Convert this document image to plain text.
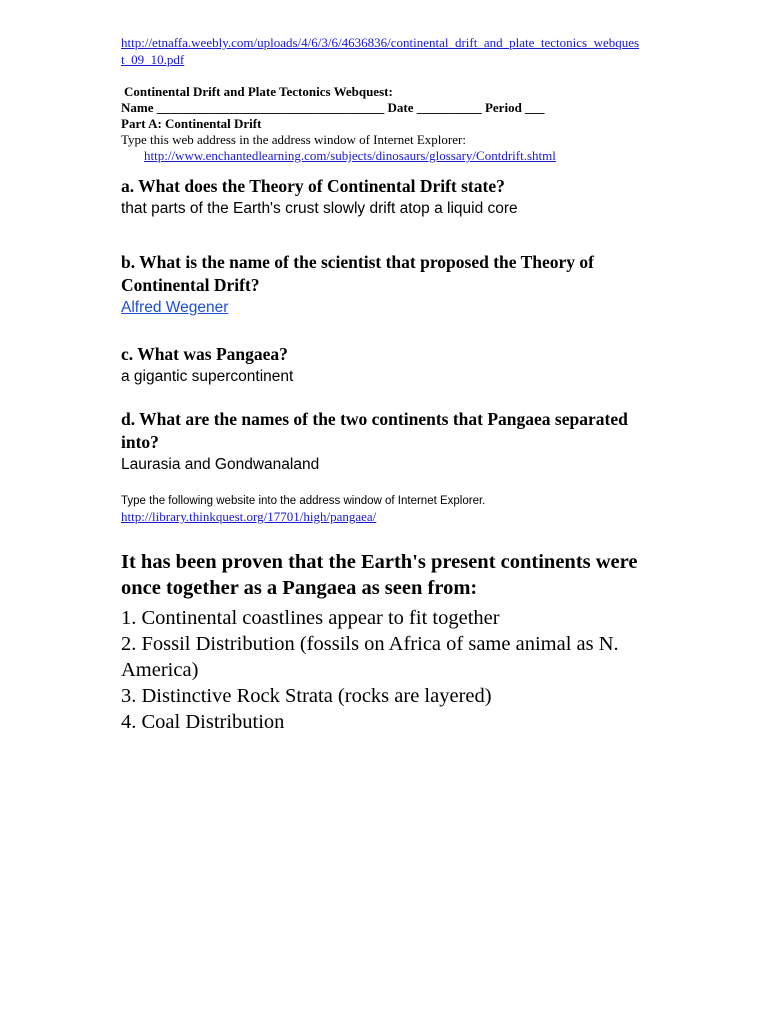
http://etnaffa.weebly.com/uploads/4/6/3/6/4636836/continental_drift_and_plate_tectonics_webquest_09_10.pdf

Continental Drift and Plate Tectonics Webquest:
Name ___________________________________ Date __________ Period ___
Part A: Continental Drift
Type this web address in the address window of Internet Explorer:
http://www.enchantedlearning.com/subjects/dinosaurs/glossary/Contdrift.shtml

a. What does the Theory of Continental Drift state?

that parts of the Earth's crust slowly drift atop a liquid core

b. What is the name of the scientist that proposed the Theory of Continental Drift?

Alfred Wegener

c. What was Pangaea?

a gigantic supercontinent

d. What are the names of the two continents that Pangaea separated into?

Laurasia and Gondwanaland

Type the following website into the address window of Internet Explorer.
http://library.thinkquest.org/17701/high/pangaea/
It has been proven that the Earth's present continents were once together as a Pangaea as seen from:
1. Continental coastlines appear to fit together
2. Fossil Distribution (fossils on Africa of same animal as N. America)
3. Distinctive Rock Strata (rocks are layered)
4. Coal Distribution
